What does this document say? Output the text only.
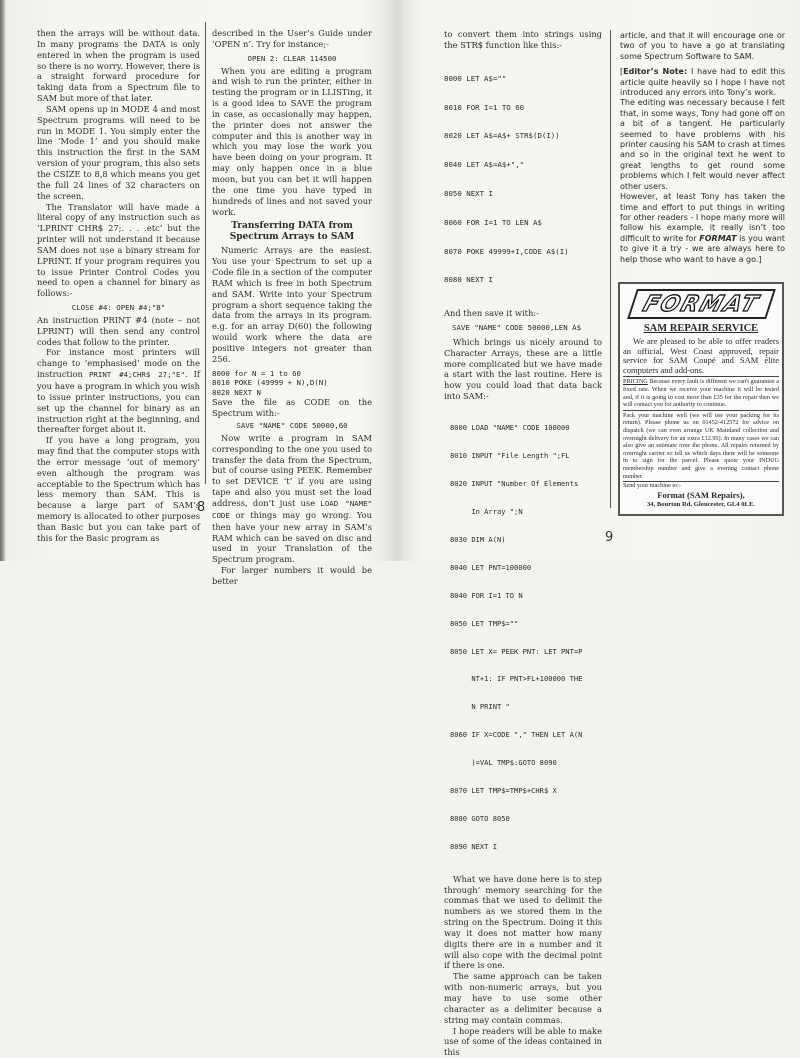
then the arrays will be without data. In many programs the DATA is only entered in when the program is used so there is no worry. However, there is a straight forward procedure for taking data from a Spectrum file to SAM but more of that later.

SAM opens up in MODE 4 and most Spectrum programs will need to be run in MODE 1. You simply enter the line ‘Mode 1’ and you should make this instruction the first in the SAM version of your program, this also sets the CSIZE to 8,8 which means you get the full 24 lines of 32 characters on the screen.

The Translator will have made a literal copy of any instruction such as ‘LPRINT CHR$ 27;. . . .etc’ but the printer will not understand it because SAM does not use a binary stream for LPRINT. If your program requires you to issue Printer Control Codes you need to open a channel for binary as follows:-

CLOSE #4: OPEN #4;"B"

An instruction PRINT #4 (note – not LPRINT) will then send any control codes that follow to the printer.

For instance most printers will change to ‘emphasised’ mode on the instruction PRINT #4;CHR$ 27;"E". If you have a program in which you wish to issue printer instructions, you can set up the channel for binary as an instruction right at the beginning, and thereafter forget about it.

If you have a long program, you may find that the computer stops with the error message ‘out of memory’ even although the program was acceptable to the Spectrum which has less memory than SAM. This is because a large part of SAM’s memory is allocated to other purposes than Basic but you can take part of this for the Basic program as

described in the User’s Guide under ‘OPEN n’. Try for instance;-

OPEN 2: CLEAR 114500

When you are editing a program and wish to run the printer, either in testing the program or in LLISTing, it is a good idea to SAVE the program in case, as occasionally may happen, the printer does not answer the computer and this is another way in which you may lose the work you have been doing on your program. It may only happen once in a blue moon, but you can bet it will happen the one time you have typed in hundreds of lines and not saved your work.

Transferring DATA from
Spectrum Arrays to SAM

Numeric Arrays are the easiest. You use your Spectrum to set up a Code file in a section of the computer RAM which is free in both Spectrum and SAM. Write into your Spectrum program a short sequence taking the data from the arrays in its program. e.g. for an array D(60) the following would work where the data are positive integers not greater than 256.

8000 for N = 1 to 60
8010 POKE (49999 + N),D(N)
8020 NEXT N

Save the file as CODE on the Spectrum with:-

SAVE "NAME" CODE 50000,60

Now write a program in SAM corresponding to the one you used to transfer the data from the Spectrum, but of course using PEEK. Remember to set DEVICE ‘t’ if you are using tape and also you must set the load address, don’t just use LOAD "NAME" CODE or things may go wrong. You then have your new array in SAM’s RAM which can be saved on disc and used in your Translation of the Spectrum program.

For larger numbers it would be better

8

to convert them into strings using the STR$ function like this:-

8000 LET A$=""

8010 FOR I=1 TO 60

8020 LET A$=A$+ STR$(D(I))

8040 LET A$=A$+","

8050 NEXT I

8060 FOR I=1 TO LEN A$

8070 POKE 49999+I,CODE A$(I)

8080 NEXT I

And then save it with:-

SAVE "NAME" CODE 50000,LEN A$

Which brings us nicely around to Character Arrays, these are a little more complicated but we have made a start with the last routine. Here is how you could load that data back into SAM:-

8000 LOAD "NAME" CODE 100000

8010 INPUT "File Length ";FL

8020 INPUT "Number Of Elements

In Array ";N

8030 DIM A(N)

8040 LET PNT=100000

8040 FOR I=1 TO N

8050 LET TMP$=""

8050 LET X= PEEK PNT: LET PNT=P

NT+1: IF PNT>FL+100000 THE

N PRINT "

8060 IF X=CODE "," THEN LET A(N

)=VAL TMP$:GOTO 8090

8070 LET TMP$=TMP$+CHR$ X

8080 GOTO 8050

8090 NEXT I

What we have done here is to step through‘ memory searching for the commas that we used to delimit the numbers as we stored them in the string on the Spectrum. Doing it this way it does not matter how many digits there are in a number and it will also cope with the decimal point if there is one.

The same approach can be taken with non-numeric arrays, but you may have to use some other character as a delimiter because a string may contain commas.

I hope readers will be able to make use of some of the ideas contained in this

article, and that it will encourage one or two of you to have a go at translating some Spectrum Software to SAM.

[Editor’s Note: I have had to edit this article quite heavily so I hope I have not introduced any errors into Tony’s work.

The editing was necessary because I felt that, in some ways, Tony had gone off on a bit of a tangent. He particularly seemed to have problems with his printer causing his SAM to crash at times and so in the original text he went to great lengths to get round some problems which I felt would never affect other users.

However, at least Tony has taken the time and effort to put things in writing for other readers - I hope many more will follow his example, it really isn’t too difficult to write for FORMAT is you want to give it a try - we are always here to help those who want to have a go.]

FORMAT
SAM REPAIR SERVICE

We are pleased to be able to offer readers an official, West Coast approved, repair service for SAM Coupé and SAM élite computers and add-ons.

PRICING Because every fault is different we can't guarantee a fixed rate. When we receive your machine it will be tested and, if it is going to cost more than £35 for the repair then we will contact you for authority to continue.

Pack your machine well (we will use your packing for its return). Please phone us on 01452-412572 for advice on dispatch (we can even arrange UK Mainland collection and overnight delivery for an extra £12.95). In many cases we can also give an estimate over the phone. All repairs returned by overnight carrier so tell us which days there will be someone in to sign for the parcel. Please quote your INDUG membership number and give a evening contact phone number.

Send your machine to:-

Format (SAM Repairs),
34, Bourton Rd, Gloucester, GL4 0LE.
9
